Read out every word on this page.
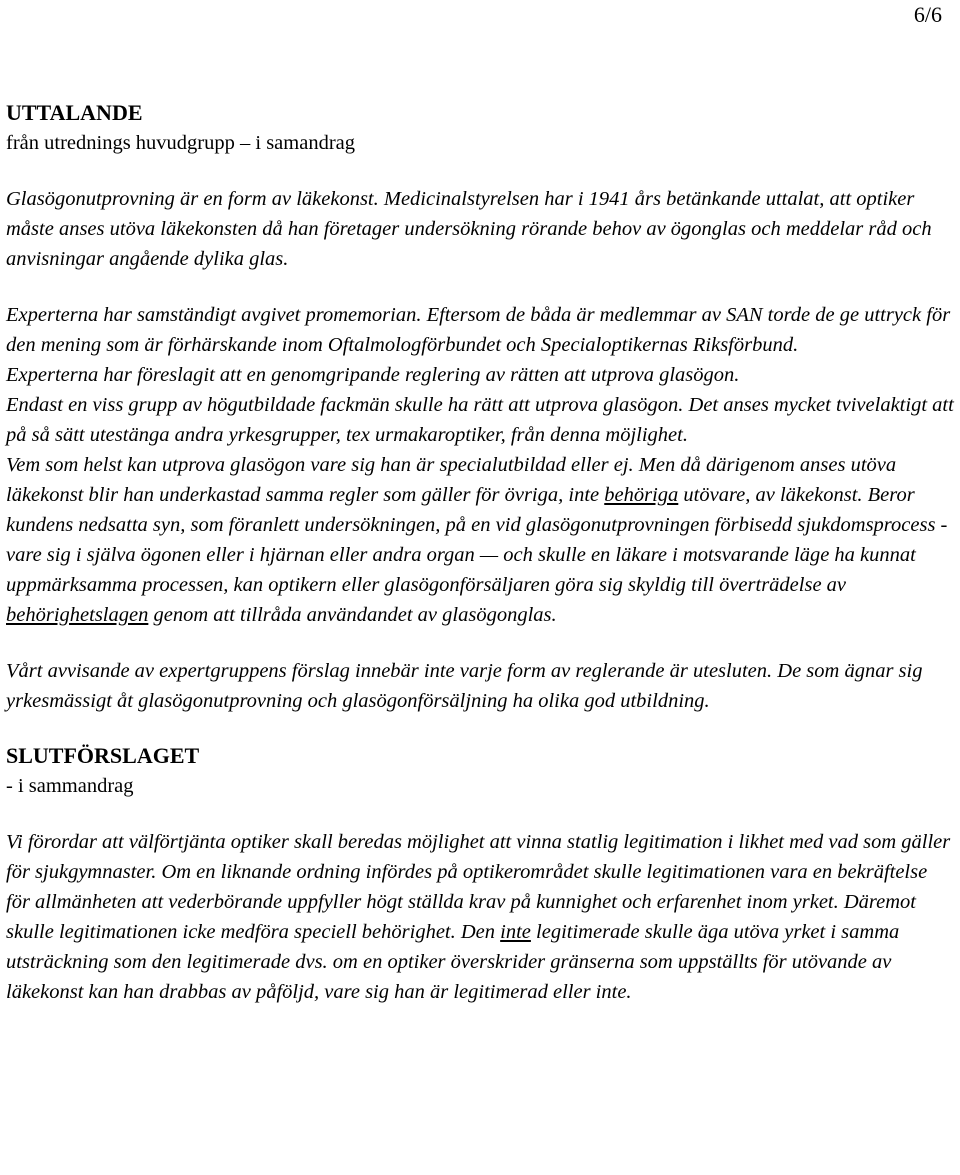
6/6
UTTALANDE

från utrednings huvudgrupp – i samandrag

Glasögonutprovning är en form av läkekonst. Medicinalstyrelsen har i 1941 års betänkande uttalat, att optiker måste anses utöva läkekonsten då han företager undersökning rörande behov av ögonglas och meddelar råd och anvisningar angående dylika glas.

Experterna har samständigt avgivet promemorian. Eftersom de båda är medlemmar av SAN torde de ge uttryck för den mening som är förhärskande inom Oftalmologförbundet och Specialoptikernas Riksförbund.

Experterna har föreslagit att en genomgripande reglering av rätten att utprova glasögon.

Endast en viss grupp av högutbildade fackmän skulle ha rätt att utprova glasögon. Det anses mycket tvivelaktigt att på så sätt utestänga andra yrkesgrupper, tex urmakaroptiker, från denna möjlighet.

Vem som helst kan utprova glasögon vare sig han är specialutbildad eller ej. Men då därigenom anses utöva läkekonst blir han underkastad samma regler som gäller för övriga, inte behöriga utövare, av läkekonst. Beror kundens nedsatta syn, som föranlett undersökningen, på en vid glasögonutprovningen förbisedd sjukdomsprocess - vare sig i själva ögonen eller i hjärnan eller andra organ — och skulle en läkare i motsvarande läge ha kunnat uppmärksamma processen, kan optikern eller glasögonförsäljaren göra sig skyldig till överträdelse av behörighetslagen genom att tillråda användandet av glasögonglas.

Vårt avvisande av expertgruppens förslag innebär inte varje form av reglerande är utesluten. De som ägnar sig yrkesmässigt åt glasögonutprovning och glasögonförsäljning ha olika god utbildning.

SLUTFÖRSLAGET

- i sammandrag

Vi förordar att välförtjänta optiker skall beredas möjlighet att vinna statlig legitimation i likhet med vad som gäller för sjukgymnaster. Om en liknande ordning infördes på optikerområdet skulle legitimationen vara en bekräftelse för allmänheten att vederbörande uppfyller högt ställda krav på kunnighet och erfarenhet inom yrket. Däremot skulle legitimationen icke medföra speciell behörighet. Den inte legitimerade skulle äga utöva yrket i samma utsträckning som den legitimerade dvs. om en optiker överskrider gränserna som uppställts för utövande av läkekonst kan han drabbas av påföljd, vare sig han är legitimerad eller inte.
